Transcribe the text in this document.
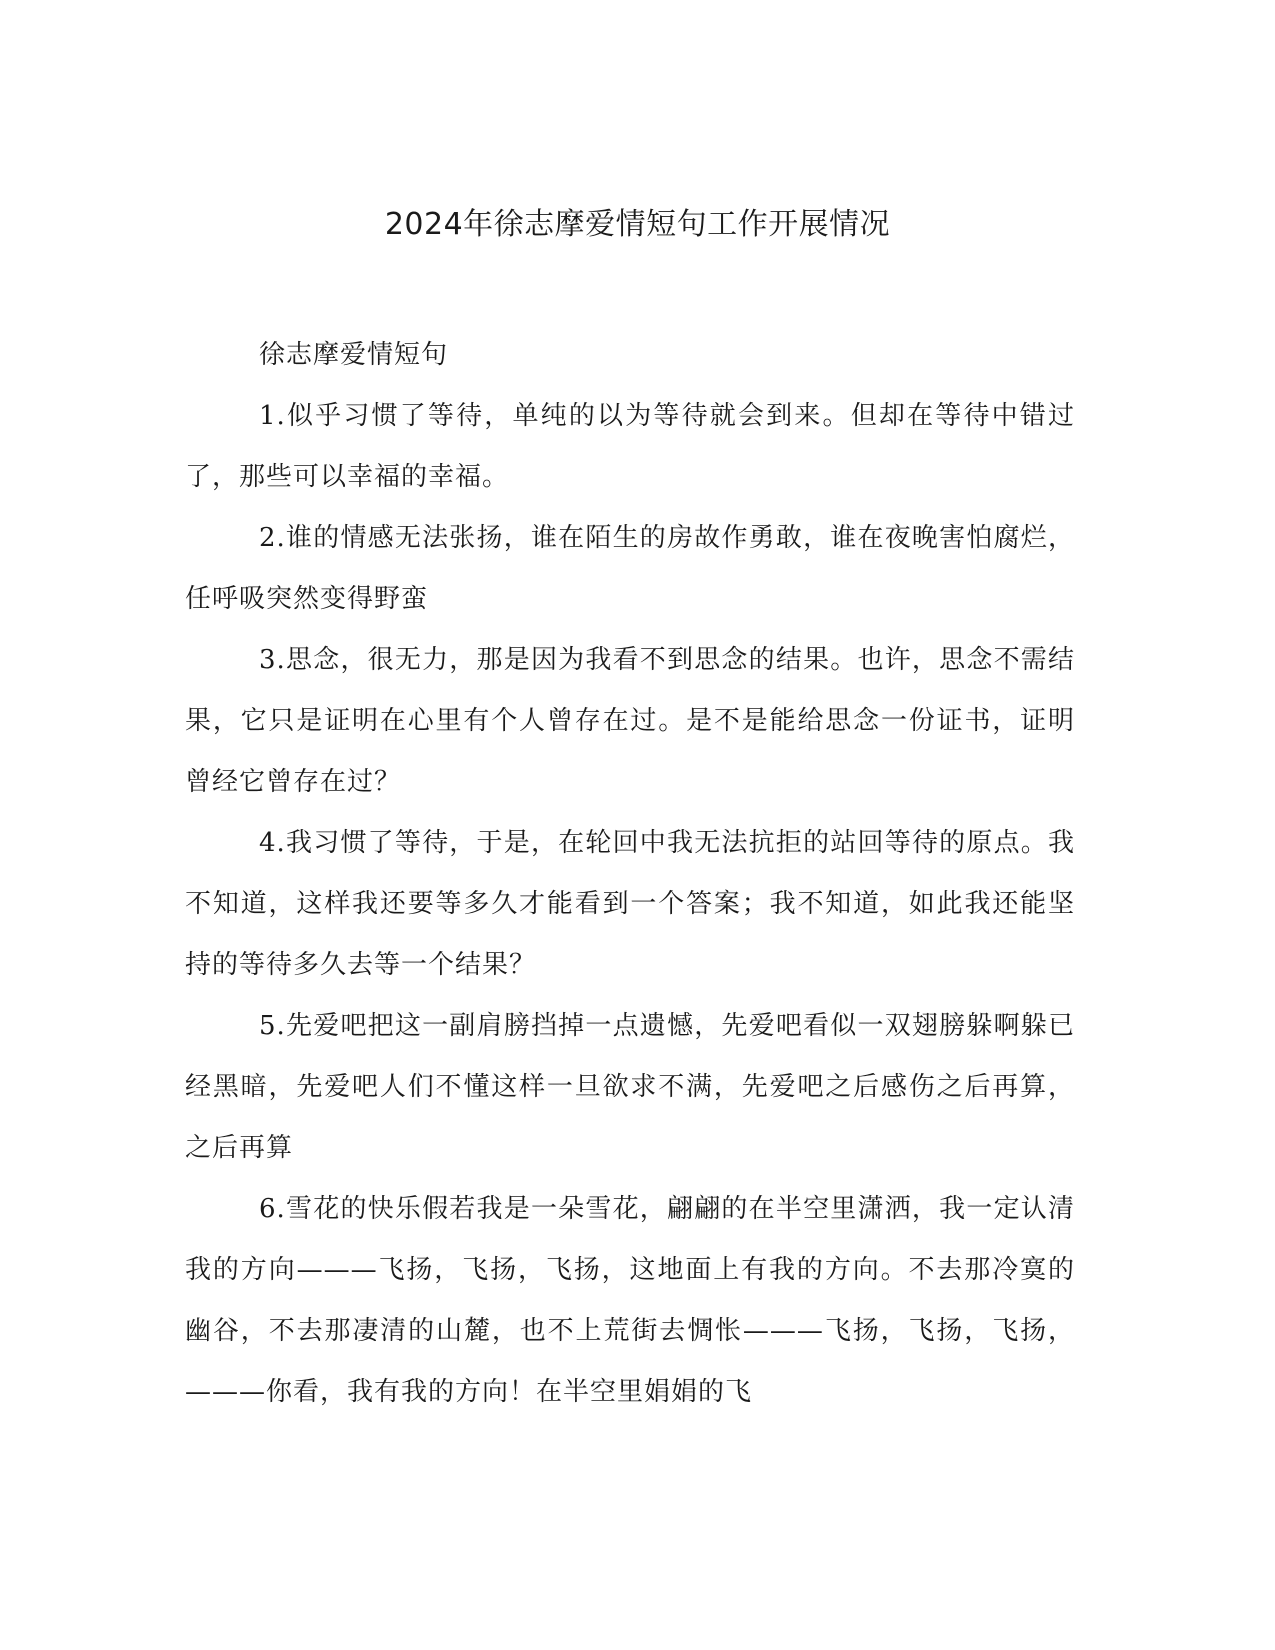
2024年徐志摩爱情短句工作开展情况

徐志摩爱情短句

1.似乎习惯了等待，单纯的以为等待就会到来。但却在等待中错过了，那些可以幸福的幸福。

2.谁的情感无法张扬，谁在陌生的房故作勇敢，谁在夜晚害怕腐烂，任呼吸突然变得野蛮

3.思念，很无力，那是因为我看不到思念的结果。也许，思念不需结果，它只是证明在心里有个人曾存在过。是不是能给思念一份证书，证明曾经它曾存在过？

4.我习惯了等待，于是，在轮回中我无法抗拒的站回等待的原点。我不知道，这样我还要等多久才能看到一个答案；我不知道，如此我还能坚持的等待多久去等一个结果？

5.先爱吧把这一副肩膀挡掉一点遗憾，先爱吧看似一双翅膀躲啊躲已经黑暗，先爱吧人们不懂这样一旦欲求不满，先爱吧之后感伤之后再算，之后再算

6.雪花的快乐假若我是一朵雪花，翩翩的在半空里潇洒，我一定认清我的方向———飞扬，飞扬，飞扬，这地面上有我的方向。不去那冷寞的幽谷，不去那凄清的山麓，也不上荒街去惆怅———飞扬，飞扬，飞扬，———你看，我有我的方向！在半空里娟娟的飞
